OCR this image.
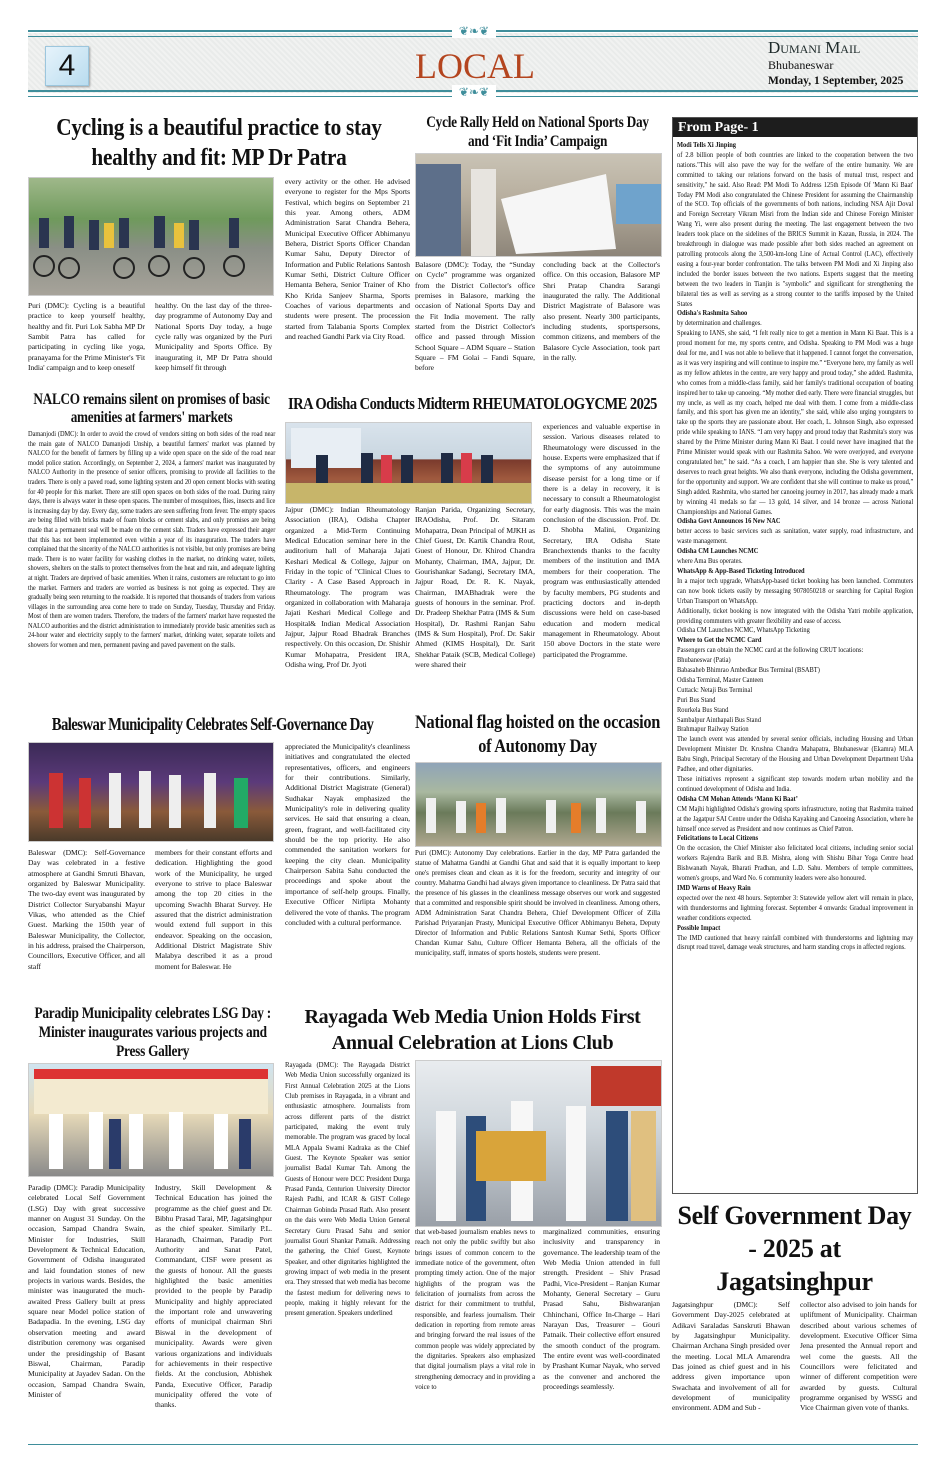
❦❧❦
❦❧❦
4	LOCAL	Dumani Mail
Bhubaneswar
Monday, 1 September, 2025
Cycling is a beautiful practice to stay healthy and fit: MP Dr Patra
Puri (DMC): Cycling is a beautiful practice to keep yourself healthy, healthy and fit. Puri Lok Sabha MP Dr Sambit Patra has called for participating in cycling like yoga, pranayama for the Prime Minister's 'Fit India' campaign and to keep oneself
healthy. On the last day of the three-day programme of Autonomy Day and National Sports Day today, a huge cycle rally was organized by the Puri Municipality and Sports Office. By inaugurating it, MP Dr Patra should keep himself fit through
every activity or the other. He advised everyone to register for the Mps Sports Festival, which begins on September 21 this year. Among others, ADM Administration Sarat Chandra Behera, Municipal Executive Officer Abhimanyu Behera, District Sports Officer Chandan Kumar Sahu, Deputy Director of Information and Public Relations Santosh Kumar Sethi, District Culture Officer Hemanta Behera, Senior Trainer of Kho Kho Krida Sanjeev Sharma, Sports Coaches of various departments and students were present. The procession started from Talabania Sports Complex and reached Gandhi Park via City Road.
Cycle Rally Held on National Sports Day and ‘Fit India’ Campaign
Balasore (DMC): Today, the “Sunday on Cycle” programme was organized from the District Collector's office premises in Balasore, marking the occasion of National Sports Day and the Fit India movement. The rally started from the District Collector's office and passed through Mission School Square – ADM Square – Station Square – FM Golai – Fandi Square, before
concluding back at the Collector's office. On this occasion, Balasore MP Shri Pratap Chandra Sarangi inaugurated the rally. The Additional District Magistrate of Balasore was also present. Nearly 300 participants, including students, sportspersons, common citizens, and members of the Balasore Cycle Association, took part in the rally.
NALCO remains silent on promises of basic amenities at farmers' markets
Damanjodi (DMC): In order to avoid the crowd of vendors sitting on both sides of the road near the main gate of NALCO Damanjodi Unship, a beautiful farmers' market was planned by NALCO for the benefit of farmers by filling up a wide open space on the side of the road near model police station. Accordingly, on September 2, 2024, a farmers' market was inaugurated by NALCO Authority in the presence of senior officers, promising to provide all facilities to the traders. There is only a paved road, some lighting system and 20 open cement blocks with seating for 40 people for this market. There are still open spaces on both sides of the road. During rainy days, there is always water in these open spaces. The number of mosquitoes, flies, insects and lice is increasing day by day. Every day, some traders are seen suffering from fever. The empty spaces are being filled with bricks made of foam blocks or cement slabs, and only promises are being made that a permanent seal will be made on the cement slab. Traders have expressed their anger that this has not been implemented even within a year of its inauguration. The traders have complained that the sincerity of the NALCO authorities is not visible, but only promises are being made. There is no water facility for washing clothes in the market, no drinking water, toilets, showers, shelters on the stalls to protect themselves from the heat and rain, and adequate lighting at night. Traders are deprived of basic amenities. When it rains, customers are reluctant to go into the market. Farmers and traders are worried as business is not going as expected. They are gradually being seen returning to the roadside. It is reported that thousands of traders from various villages in the surrounding area come here to trade on Sunday, Tuesday, Thursday and Friday. Most of them are women traders. Therefore, the traders of the farmers' market have requested the NALCO authorities and the district administration to immediately provide basic amenities such as 24-hour water and electricity supply to the farmers' market, drinking water, separate toilets and showers for women and men, permanent paving and paved pavement on the stalls.
IRA Odisha Conducts Midterm RHEUMATOLOGYCME 2025
Jajpur (DMC): Indian Rheumatology Association (IRA), Odisha Chapter organized a Mid-Term Continuing Medical Education seminar here in the auditorium hall of Maharaja Jajati Keshari Medical & College, Jajpur on Friday in the topic of "Clinical Clues to Clarity - A Case Based Approach in Rheumatology. The program was organized in collaboration with Maharaja Jajati Keshari Medical College and Hospital& Indian Medical Association Jajpur, Jajpur Road Bhadrak Branches respectively. On this occasion, Dr. Shishir Kumar Mohapatra, President IRA, Odisha wing, Prof Dr. Jyoti
Ranjan Parida, Organizing Secretary, IRAOdisha, Prof. Dr. Sitaram Mohapatra, Dean Principal of MJKH as Chief Guest, Dr. Kartik Chandra Rout, Guest of Honour, Dr. Khirod Chandra Mohanty, Chairman, IMA, Jajpur, Dr. Gourishankar Sadangi, Secretary IMA, Jajpur Road, Dr. R. K. Nayak, Chairman, IMABhadrak were the guests of honours in the seminar. Prof. Dr. Pradeep Shekhar Patra (IMS & Sum Hospital), Dr. Rashmi Ranjan Sahu (IMS & Sum Hospital), Prof. Dr. Sakir Ahmed (KIMS Hospital), Dr. Sarit Shekhar Pataik (SCB, Medical College) were shared their
experiences and valuable expertise in session. Various diseases related to Rheumatology were discussed in the house. Experts were emphasized that if the symptoms of any autoimmune disease persist for a long time or if there is a delay in recovery, it is necessary to consult a Rheumatologist for early diagnosis. This was the main conclusion of the discussion. Prof. Dr. D. Shobha Malini, Organizing Secretary, IRA Odisha State Branchextends thanks to the faculty members of the institution and IMA members for their cooperation. The program was enthusiastically attended by faculty members, PG students and practicing doctors and in-depth discussions were held on case-based education and modern medical management in Rheumatology. About 150 above Doctors in the state were participated the Programme.
Baleswar Municipality Celebrates Self-Governance Day
Baleswar (DMC): Self-Governance Day was celebrated in a festive atmosphere at Gandhi Smruti Bhavan, organized by Baleswar Municipality. The two-day event was inaugurated by District Collector Suryabanshi Mayur Vikas, who attended as the Chief Guest. Marking the 150th year of Baleswar Municipality, the Collector, in his address, praised the Chairperson, Councillors, Executive Officer, and all staff
members for their constant efforts and dedication. Highlighting the good work of the Municipality, he urged everyone to strive to place Baleswar among the top 20 cities in the upcoming Swachh Bharat Survey. He assured that the district administration would extend full support in this endeavor. Speaking on the occasion, Additional District Magistrate Shiv Malabya described it as a proud moment for Baleswar. He
appreciated the Municipality's cleanliness initiatives and congratulated the elected representatives, officers, and engineers for their contributions. Similarly, Additional District Magistrate (General) Sudhakar Nayak emphasized the Municipality's role in delivering quality services. He said that ensuring a clean, green, fragrant, and well-facilitated city should be the top priority. He also commended the sanitation workers for keeping the city clean. Municipality Chairperson Sabita Sahu conducted the proceedings and spoke about the importance of self-help groups. Finally, Executive Officer Nirlipta Mohanty delivered the vote of thanks. The program concluded with a cultural performance.
National flag hoisted on the occasion of Autonomy Day
Puri (DMC): Autonomy Day celebrations. Earlier in the day, MP Patra garlanded the statue of Mahatma Gandhi at Gandhi Ghat and said that it is equally important to keep one's premises clean and clean as it is for the freedom, security and integrity of our country. Mahatma Gandhi had always given importance to cleanliness. Dr Patra said that the presence of his glasses in the cleanliness message observes our work and suggested that a committed and responsible spirit should be involved in cleanliness. Among others, ADM Administration Sarat Chandra Behera, Chief Development Officer of Zilla Parishad Priyaranjan Prasty, Municipal Executive Officer Abhimanyu Behera, Deputy Director of Information and Public Relations Santosh Kumar Sethi, Sports Officer Chandan Kumar Sahu, Culture Officer Hemanta Behera, all the officials of the municipality, staff, inmates of sports hostels, students were present.
Paradip Municipality celebrates LSG Day : Minister inaugurates various projects and Press Gallery
Paradip (DMC): Paradip Municipality celebrated Local Self Government (LSG) Day with great successive manner on August 31 Sunday. On the occasion, Sampad Chandra Swain, Minister for Industries, Skill Development & Technical Education, Government of Odisha inaugurated and laid foundation stones of new projects in various wards. Besides, the minister was inaugurated the much-awaited Press Gallery built at press square near Model police station of Badapadia. In the evening, LSG day observation meeting and award distribution ceremony was organised under the presidingship of Basant Biswal, Chairman, Paradip Municipality at Jayadev Sadan. On the occasion, Sampad Chandra Swain, Minister of
Industry, Skill Development & Technical Education has joined the programme as the chief guest and Dr. Bibhu Prasad Tarai, MP, Jagatsinghpur as the chief speaker. Similarly P.L. Haranadh, Chairman, Paradip Port Authority and Sanat Patel, Commandant, CISF were present as the guests of honour. All the guests highlighted the basic amenities provided to the people by Paradip Municipality and highly appreciated the important role and unwavering efforts of municipal chairman Shri Biswal in the development of municipality. Awards were given various organizations and individuals for achievements in their respective fields. At the conclusion, Abhishek Panda, Executive Officer, Paradip municipality offered the vote of thanks.
Rayagada Web Media Union Holds First Annual Celebration at Lions Club
Rayagada (DMC): The Rayagada District Web Media Union successfully organized its First Annual Celebration 2025 at the Lions Club premises in Rayagada, in a vibrant and enthusiastic atmosphere. Journalists from across different parts of the district participated, making the event truly memorable. The program was graced by local MLA Appala Swami Kadraka as the Chief Guest. The Keynote Speaker was senior journalist Badal Kumar Tah. Among the Guests of Honour were DCC President Durga Prasad Panda, Centurion University Director Rajesh Padhi, and ICAR & GIST College Chairman Gobinda Prasad Rath. Also present on the dais were Web Media Union General Secretary Guru Prasad Sahu and senior journalist Gouri Shankar Patnaik. Addressing the gathering, the Chief Guest, Keynote Speaker, and other dignitaries highlighted the growing impact of web media in the present era. They stressed that web media has become the fastest medium for delivering news to people, making it highly relevant for the present generation. Speakers underlined
that web-based journalism enables news to reach not only the public swiftly but also brings issues of common concern to the immediate notice of the government, often prompting timely action. One of the major highlights of the program was the felicitation of journalists from across the district for their commitment to truthful, responsible, and fearless journalism. Their dedication in reporting from remote areas and bringing forward the real issues of the common people was widely appreciated by the dignitaries. Speakers also emphasized that digital journalism plays a vital role in strengthening democracy and in providing a voice to
marginalized communities, ensuring inclusivity and transparency in governance. The leadership team of the Web Media Union attended in full strength. President – Shiv Prasad Padhi, Vice-President – Ranjan Kumar Mohanty, General Secretary – Guru Prasad Sahu, Bishwaranjan Chhinchani, Office In-Charge – Hari Narayan Das, Treasurer – Gouri Patnaik. Their collective effort ensured the smooth conduct of the program. The entire event was well-coordinated by Prashant Kumar Nayak, who served as the convener and anchored the proceedings seamlessly.
From Page- 1

Modi Tells Xi Jinping

of 2.8 billion people of both countries are linked to the cooperation between the two nations."This will also pave the way for the welfare of the entire humanity. We are committed to taking our relations forward on the basis of mutual trust, respect and sensitivity," he said. Also Read: PM Modi To Address 125th Episode Of 'Mann Ki Baat' Today PM Modi also congratulated the Chinese President for assuming the Chairmanship of the SCO. Top officials of the governments of both nations, including NSA Ajit Doval and Foreign Secretary Vikram Misri from the Indian side and Chinese Foreign Minister Wang Yi, were also present during the meeting. The last engagement between the two leaders took place on the sidelines of the BRICS Summit in Kazan, Russia, in 2024. The breakthrough in dialogue was made possible after both sides reached an agreement on patrolling protocols along the 3,500-km-long Line of Actual Control (LAC), effectively easing a four-year border confrontation. The talks between PM Modi and Xi Jinping also included the border issues between the two nations. Experts suggest that the meeting between the two leaders in Tianjin is "symbolic" and significant for strengthening the bilateral ties as well as serving as a strong counter to the tariffs imposed by the United States

Odisha's Rashmita Sahoo

by determination and challenges.

Speaking to IANS, she said, “I felt really nice to get a mention in Mann Ki Baat. This is a proud moment for me, my sports centre, and Odisha. Speaking to PM Modi was a huge deal for me, and I was not able to believe that it happened. I cannot forget the conversation, as it was very inspiring and will continue to inspire me.” “Everyone here, my family as well as my fellow athletes in the centre, are very happy and proud today,” she added. Rashmita, who comes from a middle-class family, said her family's traditional occupation of boating inspired her to take up canoeing. “My mother died early. There were financial struggles, but my uncle, as well as my coach, helped me deal with them. I come from a middle-class family, and this sport has given me an identity,” she said, while also urging youngsters to take up the sports they are passionate about. Her coach, L. Johnson Singh, also expressed pride while speaking to IANS. “I am very happy and proud today that Rashmita's story was shared by the Prime Minister during Mann Ki Baat. I could never have imagined that the Prime Minister would speak with our Rashmita Sahoo. We were overjoyed, and everyone congratulated her,” he said. “As a coach, I am happier than she. She is very talented and deserves to reach great heights. We also thank everyone, including the Odisha government, for the opportunity and support. We are confident that she will continue to make us proud,” Singh added. Rashmita, who started her canoeing journey in 2017, has already made a mark by winning 41 medals so far — 13 gold, 14 silver, and 14 bronze — across National Championships and National Games.

Odisha Govt Announces 16 New NAC

better access to basic services such as sanitation, water supply, road infrastructure, and waste management.

Odisha CM Launches NCMC

where Ama Bus operates.

WhatsApp & App-Based Ticketing Introduced

In a major tech upgrade, WhatsApp-based ticket booking has been launched. Commuters can now book tickets easily by messaging 9078050218 or searching for Capital Region Urban Transport on WhatsApp.

Additionally, ticket booking is now integrated with the Odisha Yatri mobile application, providing commuters with greater flexibility and ease of access.

Odisha CM Launches NCMC, WhatsApp Ticketing

Where to Get the NCMC Card

Passengers can obtain the NCMC card at the following CRUT locations:

Bhubaneswar (Patia)

Babasaheb Bhimrao Ambedkar Bus Terminal (BSABT)

Odisha Terminal, Master Canteen

Cuttack: Netaji Bus Terminal

Puri Bus Stand

Rourkela Bus Stand

Sambalpur Ainthapali Bus Stand

Brahmapur Railway Station

The launch event was attended by several senior officials, including Housing and Urban Development Minister Dr. Krushna Chandra Mahapatra, Bhubaneswar (Ekamra) MLA Babu Singh, Principal Secretary of the Housing and Urban Development Department Usha Padhee, and other dignitaries.

These initiatives represent a significant step towards modern urban mobility and the continued development of Odisha and India.

Odisha CM Mohan Attends ‘Mann Ki Baat’

CM Majhi highlighted Odisha's growing sports infrastructure, noting that Rashmita trained at the Jagatpur SAI Centre under the Odisha Kayaking and Canoeing Association, where he himself once served as President and now continues as Chief Patron.

Felicitations to Local Citizens

On the occasion, the Chief Minister also felicitated local citizens, including senior social workers Rajendra Barik and B.B. Mishra, along with Shishu Bihar Yoga Centre head Bishwanath Nayak, Bharati Pradhan, and L.D. Sahu. Members of temple committees, women's groups, and Ward No. 6 community leaders were also honoured.

IMD Warns of Heavy Rain

expected over the next 48 hours. September 3: Statewide yellow alert will remain in place, with thunderstorms and lightning forecast. September 4 onwards: Gradual improvement in weather conditions expected.

Possible Impact

The IMD cautioned that heavy rainfall combined with thunderstorms and lightning may disrupt road travel, damage weak structures, and harm standing crops in affected regions.

Self Government Day - 2025 at Jagatsinghpur
Jagatsinghpur (DMC): Self Government Day-2025 celebrated at Adikavi Saraladas Sanskruti Bhawan by Jagatsinghpur Municipality. Chairman Archana Singh presided over the meeting. Local MLA Amarendra Das joined as chief guest and in his address given importance upon Swachata and involvement of all for development of municipality environment. ADM and Sub -
collector also advised to join hands for upliftment of Municipality. Chairman described about various schemes of development. Executive Officer Sima Jena presented the Annual report and wel come the guests. All the Councillors were felicitated and winner of different competition were awarded by guests. Cultural programme organised by WSSG and Vice Chairman given vote of thanks.
